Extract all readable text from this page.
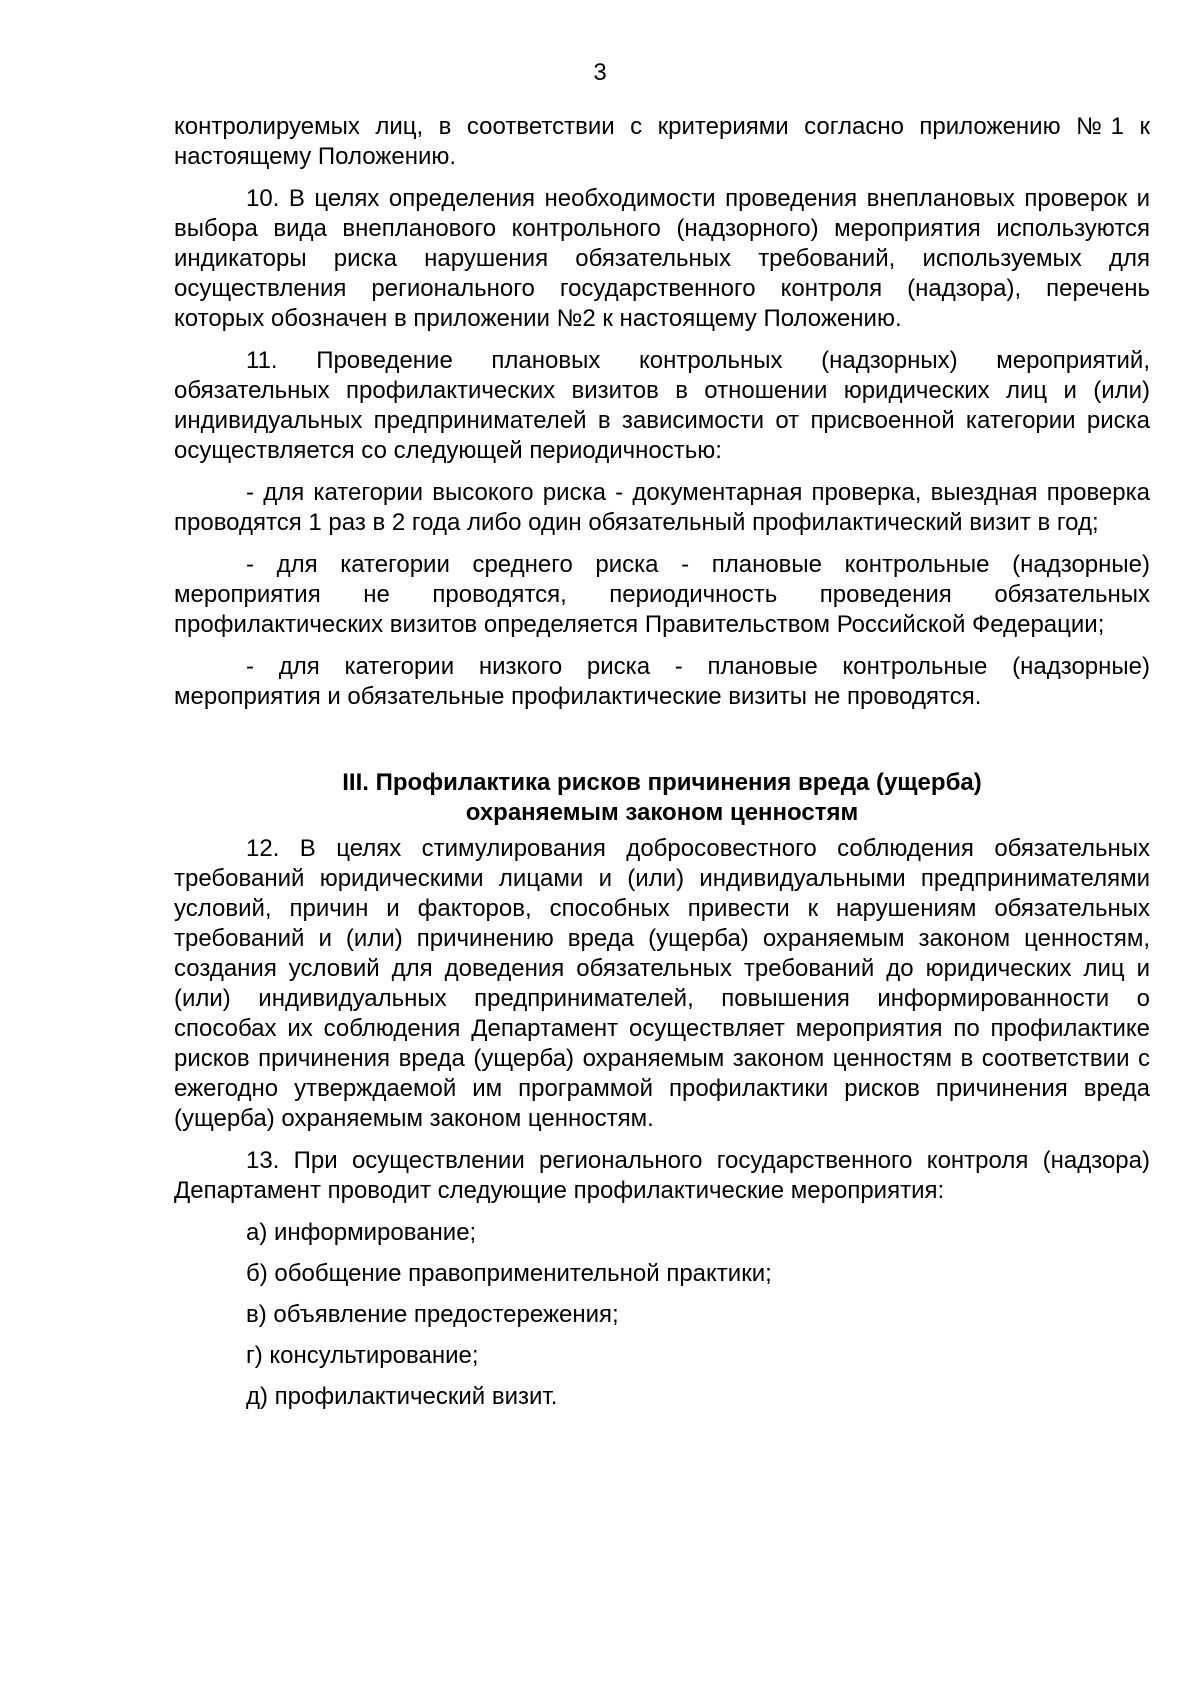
3

контролируемых лиц, в соответствии с критериями согласно приложению №1 к настоящему Положению.

10. В целях определения необходимости проведения внеплановых проверок и выбора вида внепланового контрольного (надзорного) мероприятия используются индикаторы риска нарушения обязательных требований, используемых для осуществления регионального государственного контроля (надзора), перечень которых обозначен в приложении №2 к настоящему Положению.

11. Проведение плановых контрольных (надзорных) мероприятий, обязательных профилактических визитов в отношении юридических лиц и (или) индивидуальных предпринимателей в зависимости от присвоенной категории риска осуществляется со следующей периодичностью:

- для категории высокого риска - документарная проверка, выездная проверка проводятся 1 раз в 2 года либо один обязательный профилактический визит в год;

- для категории среднего риска - плановые контрольные (надзорные) мероприятия не проводятся, периодичность проведения обязательных профилактических визитов определяется Правительством Российской Федерации;

- для категории низкого риска - плановые контрольные (надзорные) мероприятия и обязательные профилактические визиты не проводятся.

III. Профилактика рисков причинения вреда (ущерба)
охраняемым законом ценностям

12. В целях стимулирования добросовестного соблюдения обязательных требований юридическими лицами и (или) индивидуальными предпринимателями условий, причин и факторов, способных привести к нарушениям обязательных требований и (или) причинению вреда (ущерба) охраняемым законом ценностям, создания условий для доведения обязательных требований до юридических лиц и (или) индивидуальных предпринимателей, повышения информированности о способах их соблюдения Департамент осуществляет мероприятия по профилактике рисков причинения вреда (ущерба) охраняемым законом ценностям в соответствии с ежегодно утверждаемой им программой профилактики рисков причинения вреда (ущерба) охраняемым законом ценностям.

13. При осуществлении регионального государственного контроля (надзора) Департамент проводит следующие профилактические мероприятия:

а) информирование;
б) обобщение правоприменительной практики;
в) объявление предостережения;
г) консультирование;
д) профилактический визит.
